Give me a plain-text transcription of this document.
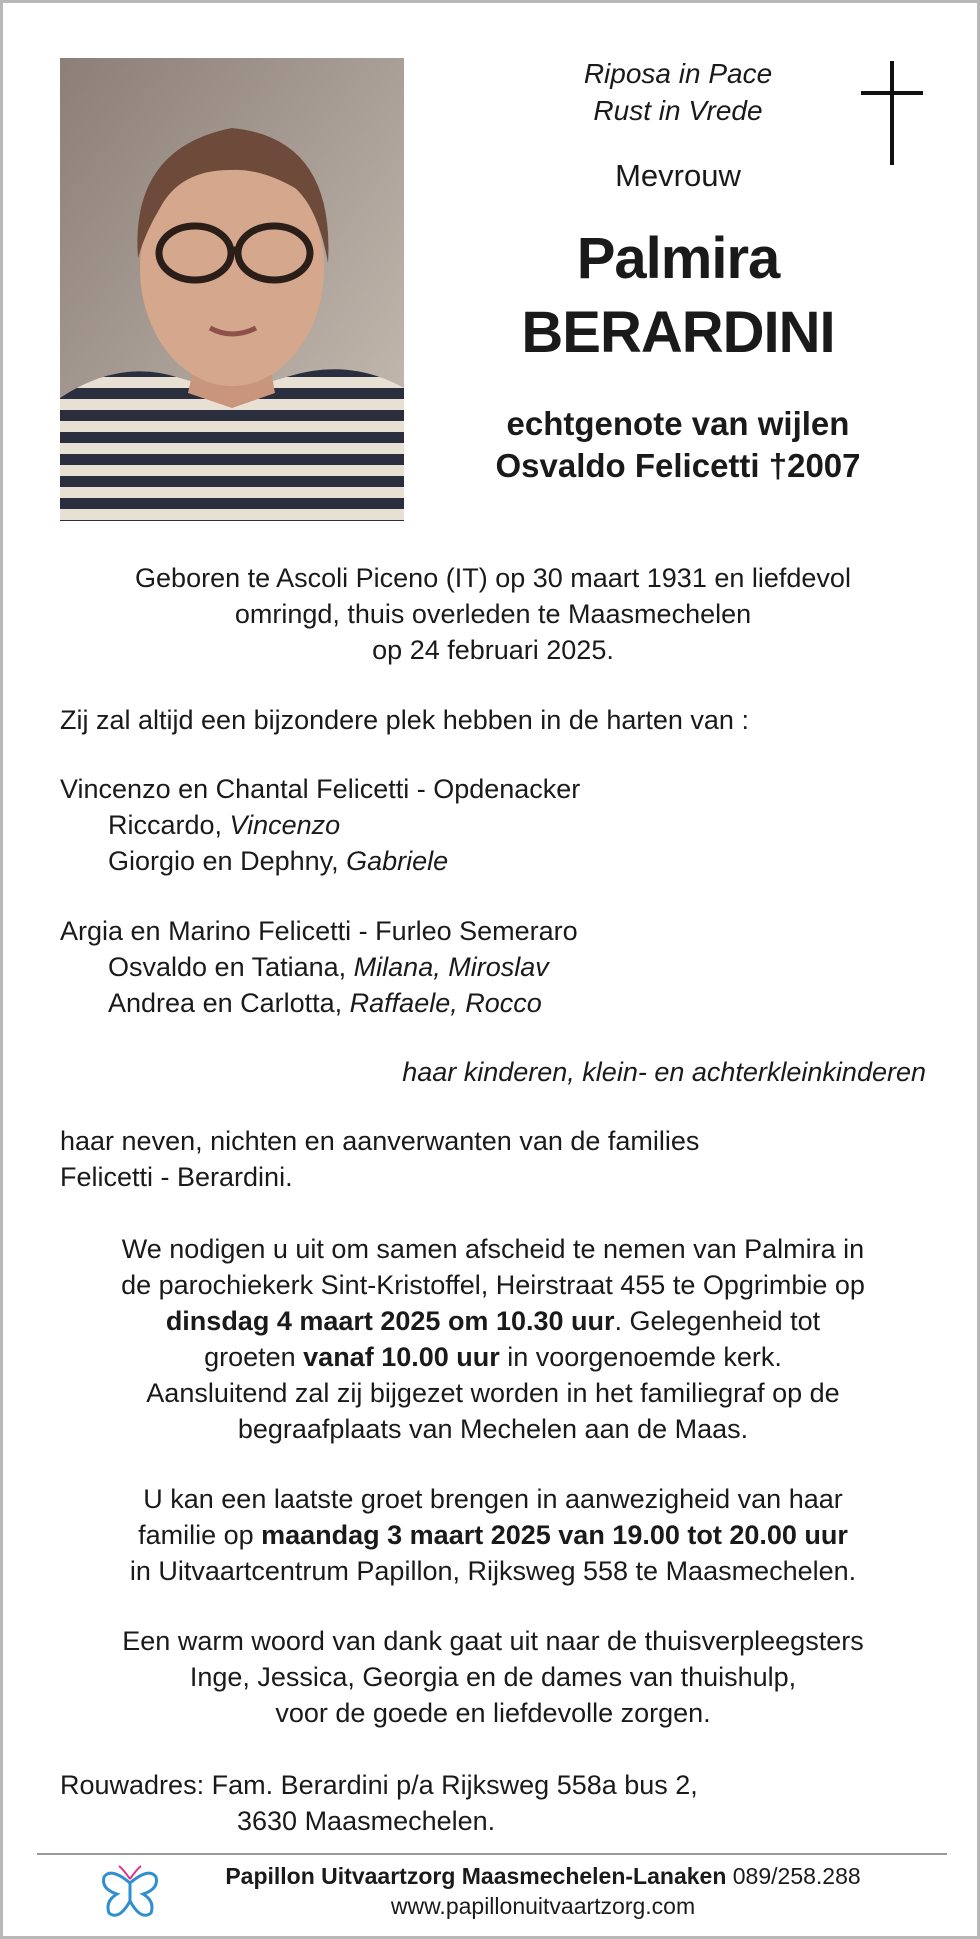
Riposa in Pace
Rust in Vrede
Mevrouw
Palmira
BERARDINI
echtgenote van wijlen
Osvaldo Felicetti †2007
Geboren te Ascoli Piceno (IT) op 30 maart 1931 en liefdevol
omringd, thuis overleden te Maasmechelen
op 24 februari 2025.
Zij zal altijd een bijzondere plek hebben in de harten van :
Vincenzo en Chantal Felicetti - Opdenacker
Riccardo, Vincenzo
Giorgio en Dephny, Gabriele
Argia en Marino Felicetti - Furleo Semeraro
Osvaldo en Tatiana, Milana, Miroslav
Andrea en Carlotta, Raffaele, Rocco
haar kinderen, klein- en achterkleinkinderen
haar neven, nichten en aanverwanten van de families
Felicetti - Berardini.
We nodigen u uit om samen afscheid te nemen van Palmira in
de parochiekerk Sint-Kristoffel, Heirstraat 455 te Opgrimbie op
dinsdag 4 maart 2025 om 10.30 uur. Gelegenheid tot
groeten vanaf 10.00 uur in voorgenoemde kerk.
Aansluitend zal zij bijgezet worden in het familiegraf op de
begraafplaats van Mechelen aan de Maas.
U kan een laatste groet brengen in aanwezigheid van haar
familie op maandag 3 maart 2025 van 19.00 tot 20.00 uur
in Uitvaartcentrum Papillon, Rijksweg 558 te Maasmechelen.
Een warm woord van dank gaat uit naar de thuisverpleegsters
Inge, Jessica, Georgia en de dames van thuishulp,
voor de goede en liefdevolle zorgen.
Rouwadres: Fam. Berardini p/a Rijksweg 558a bus 2,
3630 Maasmechelen.
Papillon Uitvaartzorg Maasmechelen-Lanaken 089/258.288
www.papillonuitvaartzorg.com
